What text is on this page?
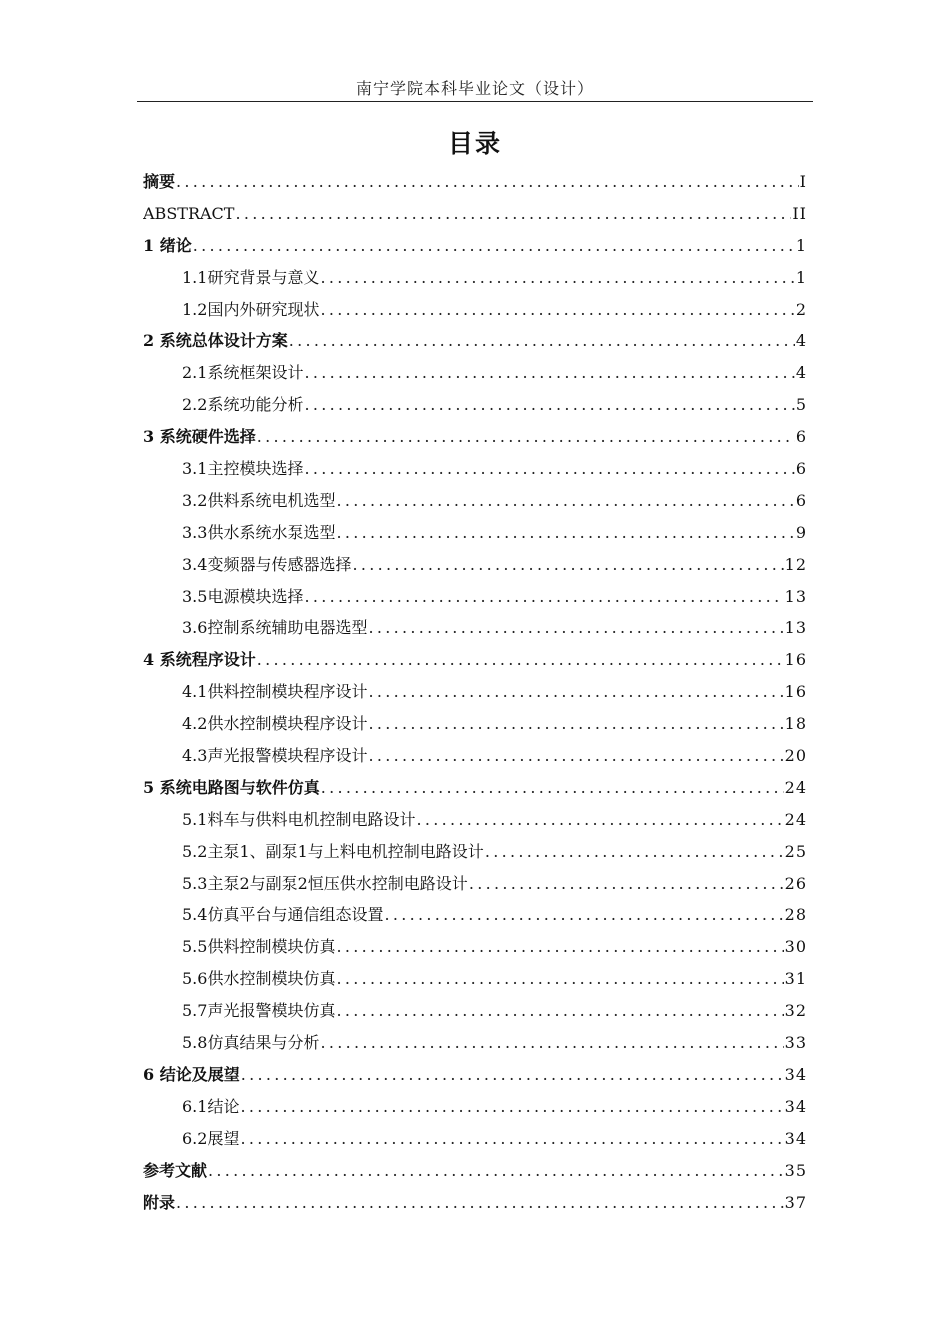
南宁学院本科毕业论文（设计）
目录
摘要 .....	I
ABSTRACT .....	II
1 绪论 .....	1
1.1研究背景与意义 .....	1
1.2国内外研究现状 .....	2
2 系统总体设计方案 .....	4
2.1系统框架设计 .....	4
2.2系统功能分析 .....	5
3 系统硬件选择 .....	6
3.1主控模块选择 .....	6
3.2供料系统电机选型 .....	6
3.3供水系统水泵选型 .....	9
3.4变频器与传感器选择 .....	12
3.5电源模块选择 .....	13
3.6控制系统辅助电器选型 .....	13
4 系统程序设计 .....	16
4.1供料控制模块程序设计 .....	16
4.2供水控制模块程序设计 .....	18
4.3声光报警模块程序设计 .....	20
5 系统电路图与软件仿真 .....	24
5.1料车与供料电机控制电路设计 .....	24
5.2主泵1、副泵1与上料电机控制电路设计 .....	25
5.3主泵2与副泵2恒压供水控制电路设计 .....	26
5.4仿真平台与通信组态设置 .....	28
5.5供料控制模块仿真 .....	30
5.6供水控制模块仿真 .....	31
5.7声光报警模块仿真 .....	32
5.8仿真结果与分析 .....	33
6 结论及展望 .....	34
6.1结论 .....	34
6.2展望 .....	34
参考文献 .....	35
附录 .....	37
